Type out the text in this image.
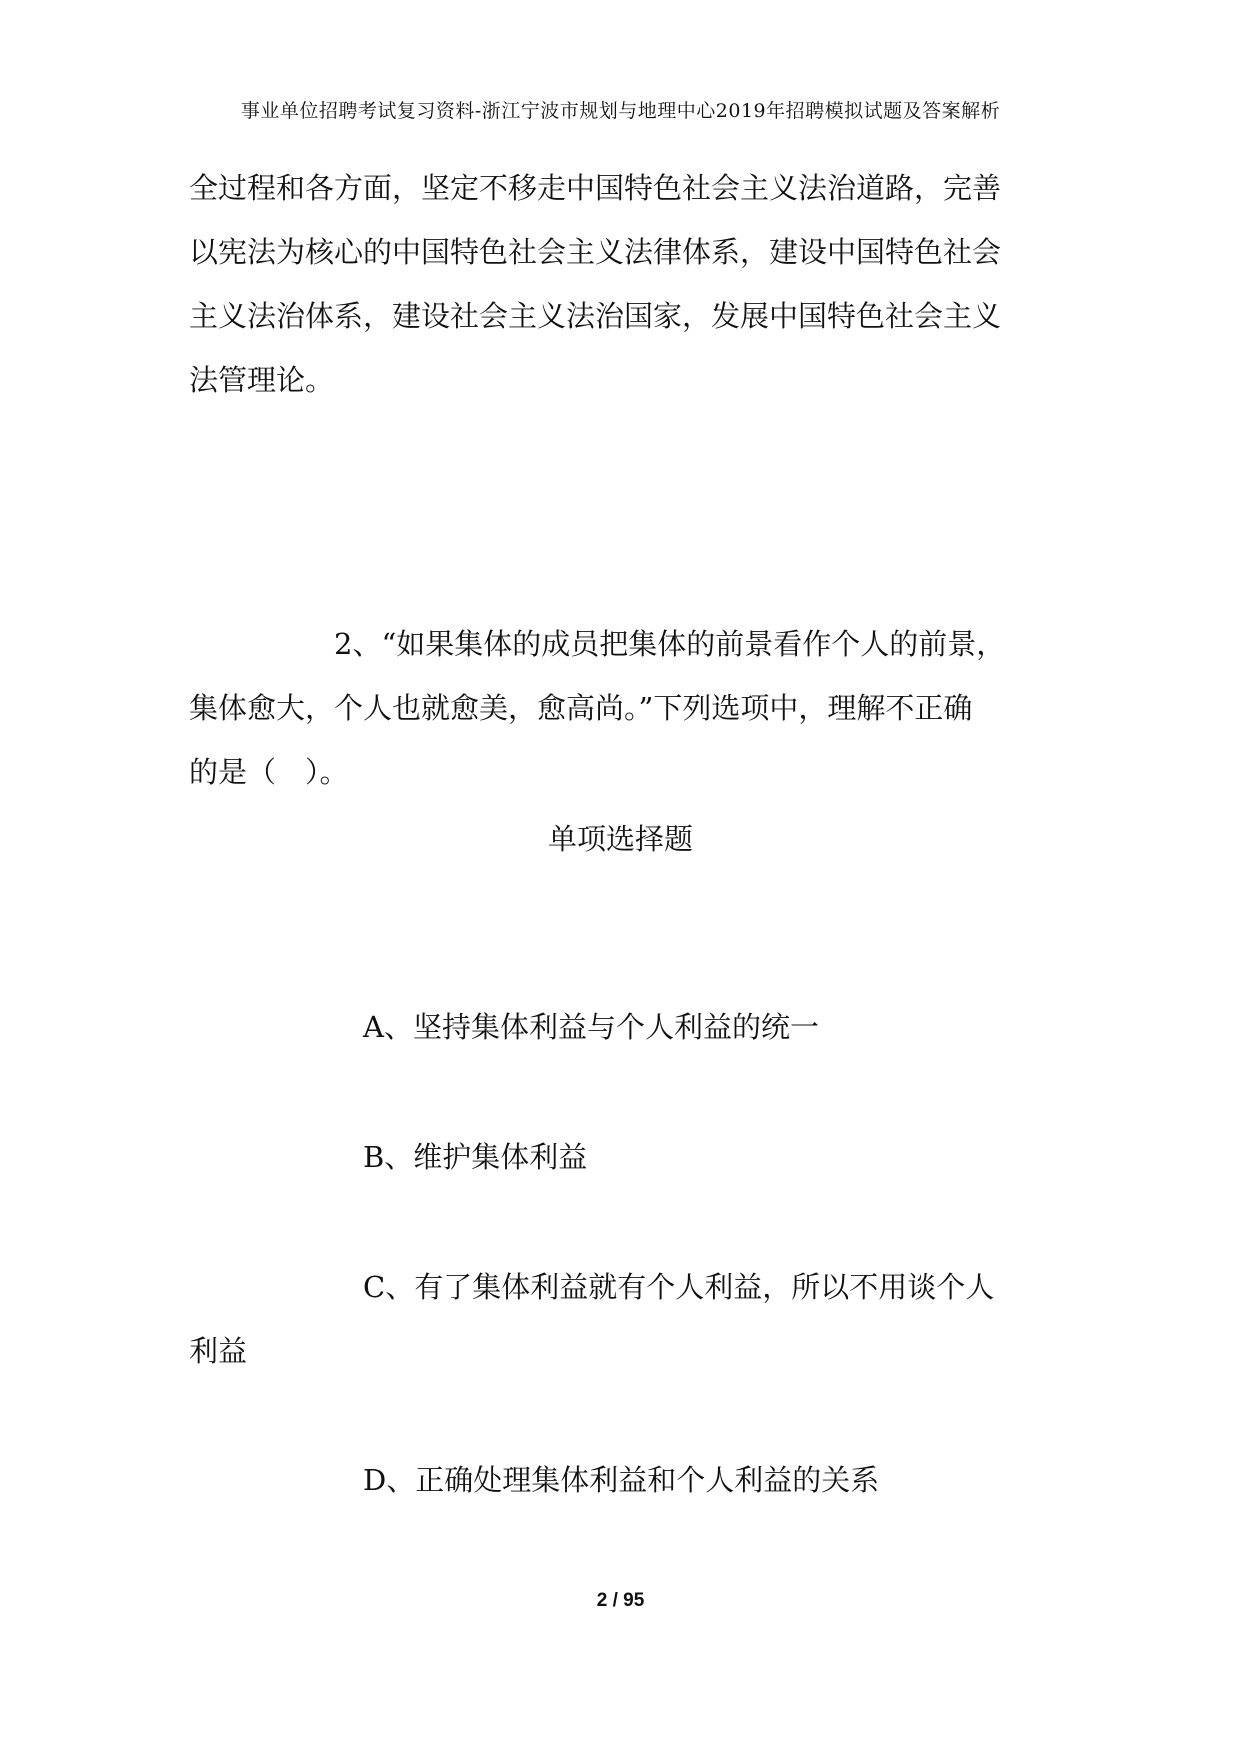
事业单位招聘考试复习资料-浙江宁波市规划与地理中心2019年招聘模拟试题及答案解析
全过程和各方面，坚定不移走中国特色社会主义法治道路，完善
以宪法为核心的中国特色社会主义法律体系，建设中国特色社会
主义法治体系，建设社会主义法治国家，发展中国特色社会主义
法管理论。
2、“如果集体的成员把集体的前景看作个人的前景，
集体愈大，个人也就愈美，愈高尚。”下列选项中，理解不正确
的是（　）。
单项选择题
A、坚持集体利益与个人利益的统一
B、维护集体利益
C、有了集体利益就有个人利益，所以不用谈个人
利益
D、正确处理集体利益和个人利益的关系
2 / 95
